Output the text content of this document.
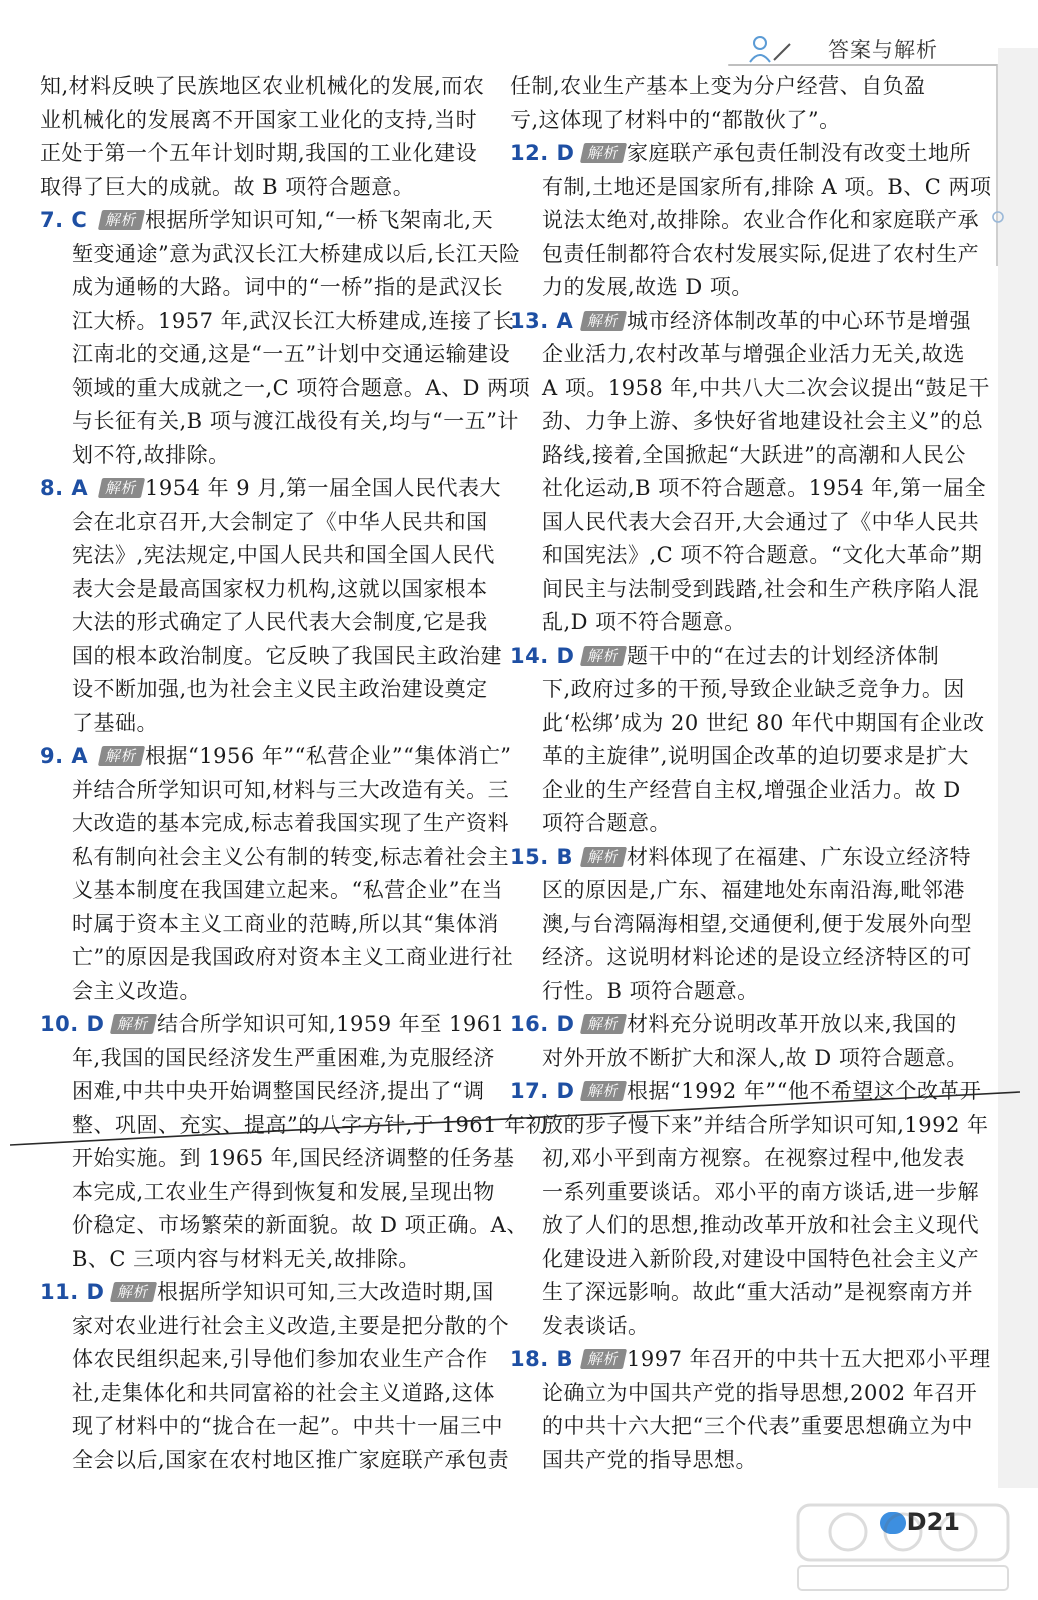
答案与解析
知,材料反映了民族地区农业机械化的发展,而农
业机械化的发展离不开国家工业化的支持,当时
正处于第一个五年计划时期,我国的工业化建设
取得了巨大的成就。故 B 项符合题意。
7. C 解析 根据所学知识可知,“一桥飞架南北,天
堑变通途”意为武汉长江大桥建成以后,长江天险
成为通畅的大路。词中的“一桥”指的是武汉长
江大桥。1957 年,武汉长江大桥建成,连接了长
江南北的交通,这是“一五”计划中交通运输建设
领域的重大成就之一,C 项符合题意。A、D 两项
与长征有关,B 项与渡江战役有关,均与“一五”计
划不符,故排除。
8. A 解析 1954 年 9 月,第一届全国人民代表大
会在北京召开,大会制定了《中华人民共和国
宪法》,宪法规定,中国人民共和国全国人民代
表大会是最高国家权力机构,这就以国家根本
大法的形式确定了人民代表大会制度,它是我
国的根本政治制度。它反映了我国民主政治建
设不断加强,也为社会主义民主政治建设奠定
了基础。
9. A 解析 根据“1956 年”“私营企业”“集体消亡”
并结合所学知识可知,材料与三大改造有关。三
大改造的基本完成,标志着我国实现了生产资料
私有制向社会主义公有制的转变,标志着社会主
义基本制度在我国建立起来。“私营企业”在当
时属于资本主义工商业的范畴,所以其“集体消
亡”的原因是我国政府对资本主义工商业进行社
会主义改造。
10. D 解析 结合所学知识可知,1959 年至 1961
年,我国的国民经济发生严重困难,为克服经济
困难,中共中央开始调整国民经济,提出了“调
整、巩固、充实、提高”的八字方针,于 1961 年初
开始实施。到 1965 年,国民经济调整的任务基
本完成,工农业生产得到恢复和发展,呈现出物
价稳定、市场繁荣的新面貌。故 D 项正确。A、
B、C 三项内容与材料无关,故排除。
11. D 解析 根据所学知识可知,三大改造时期,国
家对农业进行社会主义改造,主要是把分散的个
体农民组织起来,引导他们参加农业生产合作
社,走集体化和共同富裕的社会主义道路,这体
现了材料中的“拢合在一起”。中共十一届三中
全会以后,国家在农村地区推广家庭联产承包责
任制,农业生产基本上变为分户经营、自负盈
亏,这体现了材料中的“都散伙了”。
12. D 解析 家庭联产承包责任制没有改变土地所
有制,土地还是国家所有,排除 A 项。B、C 两项
说法太绝对,故排除。农业合作化和家庭联产承
包责任制都符合农村发展实际,促进了农村生产
力的发展,故选 D 项。
13. A 解析 城市经济体制改革的中心环节是增强
企业活力,农村改革与增强企业活力无关,故选
A 项。1958 年,中共八大二次会议提出“鼓足干
劲、力争上游、多快好省地建设社会主义”的总
路线,接着,全国掀起“大跃进”的高潮和人民公
社化运动,B 项不符合题意。1954 年,第一届全
国人民代表大会召开,大会通过了《中华人民共
和国宪法》,C 项不符合题意。“文化大革命”期
间民主与法制受到践踏,社会和生产秩序陷人混
乱,D 项不符合题意。
14. D 解析 题干中的“在过去的计划经济体制
下,政府过多的干预,导致企业缺乏竞争力。因
此‘松绑’成为 20 世纪 80 年代中期国有企业改
革的主旋律”,说明国企改革的迫切要求是扩大
企业的生产经营自主权,增强企业活力。故 D
项符合题意。
15. B 解析 材料体现了在福建、广东设立经济特
区的原因是,广东、福建地处东南沿海,毗邻港
澳,与台湾隔海相望,交通便利,便于发展外向型
经济。这说明材料论述的是设立经济特区的可
行性。B 项符合题意。
16. D 解析 材料充分说明改革开放以来,我国的
对外开放不断扩大和深人,故 D 项符合题意。
17. D 解析 根据“1992 年”“他不希望这个改革开
放的步子慢下来”并结合所学知识可知,1992 年
初,邓小平到南方视察。在视察过程中,他发表
一系列重要谈话。邓小平的南方谈话,进一步解
放了人们的思想,推动改革开放和社会主义现代
化建设进入新阶段,对建设中国特色社会主义产
生了深远影响。故此“重大活动”是视察南方并
发表谈话。
18. B 解析 1997 年召开的中共十五大把邓小平理
论确立为中国共产党的指导思想,2002 年召开
的中共十六大把“三个代表”重要思想确立为中
国共产党的指导思想。
D21
